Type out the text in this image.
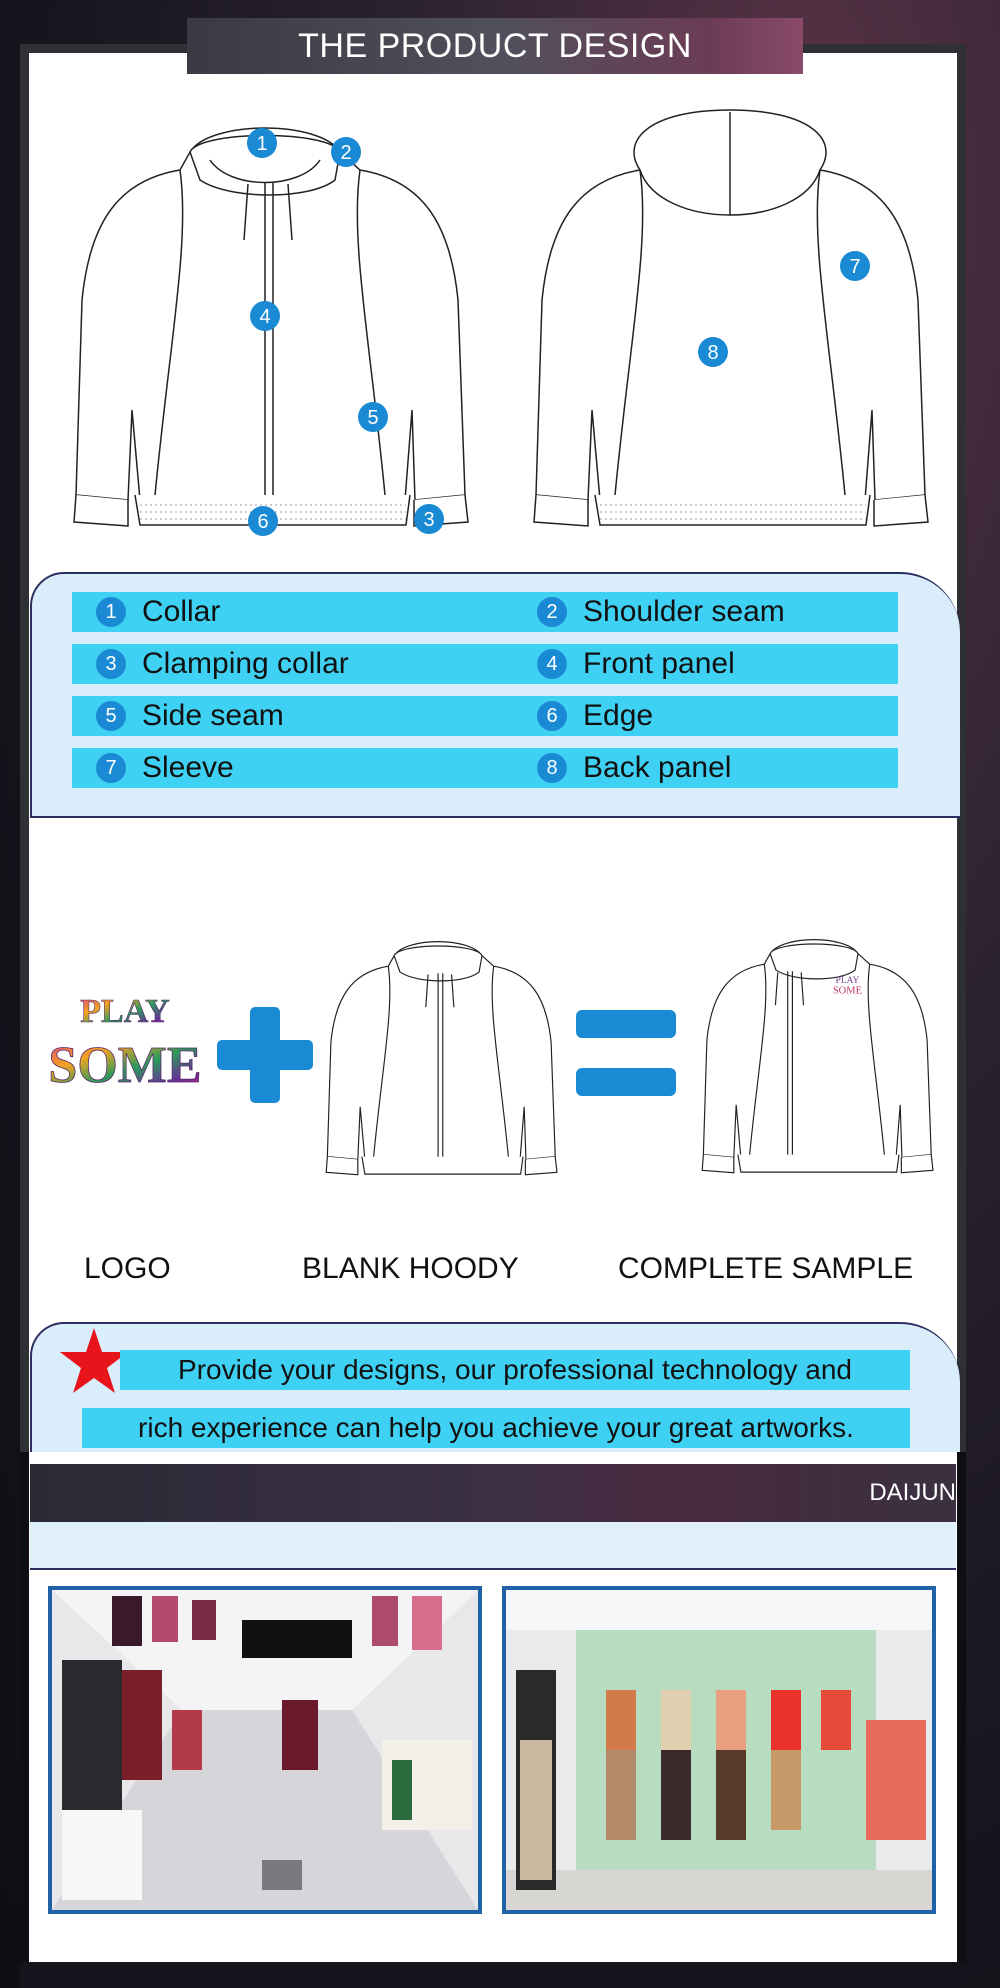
THE PRODUCT DESIGN
1	2
4
5
6	3
7
8
1 Collar	2 Shoulder seam
3 Clamping collar	4 Front panel
5 Side seam	6 Edge
7 Sleeve	8 Back panel
PLAY
SOME
PLAY
SOME
LOGO	BLANK HOODY	COMPLETE SAMPLE
Provide your designs, our professional technology and
rich experience can help you achieve your great artworks.
DAIJUN
